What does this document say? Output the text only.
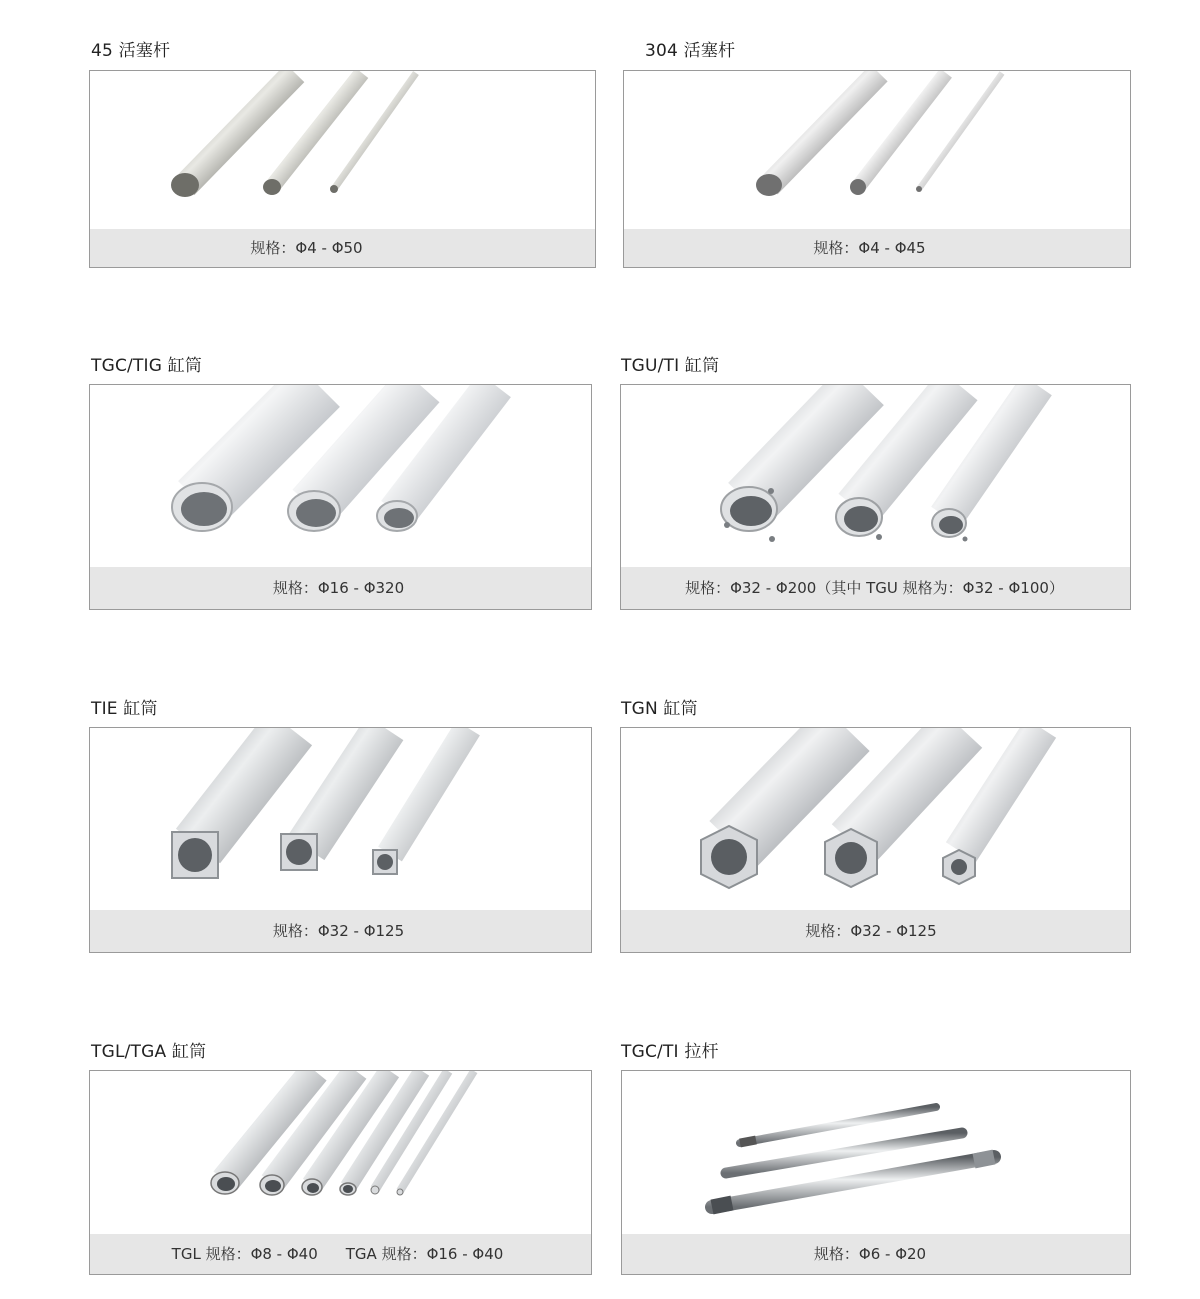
45 活塞杆
规格：Φ4 - Φ50
304 活塞杆
规格：Φ4 - Φ45
TGC/TIG 缸筒
规格：Φ16 - Φ320
TGU/TI 缸筒
规格：Φ32 - Φ200（其中 TGU 规格为：Φ32 - Φ100）
TIE 缸筒
规格：Φ32 - Φ125
TGN 缸筒
规格：Φ32 - Φ125
TGL/TGA 缸筒
TGL 规格：Φ8 - Φ40 TGA 规格：Φ16 - Φ40
TGC/TI 拉杆
规格：Φ6 - Φ20
